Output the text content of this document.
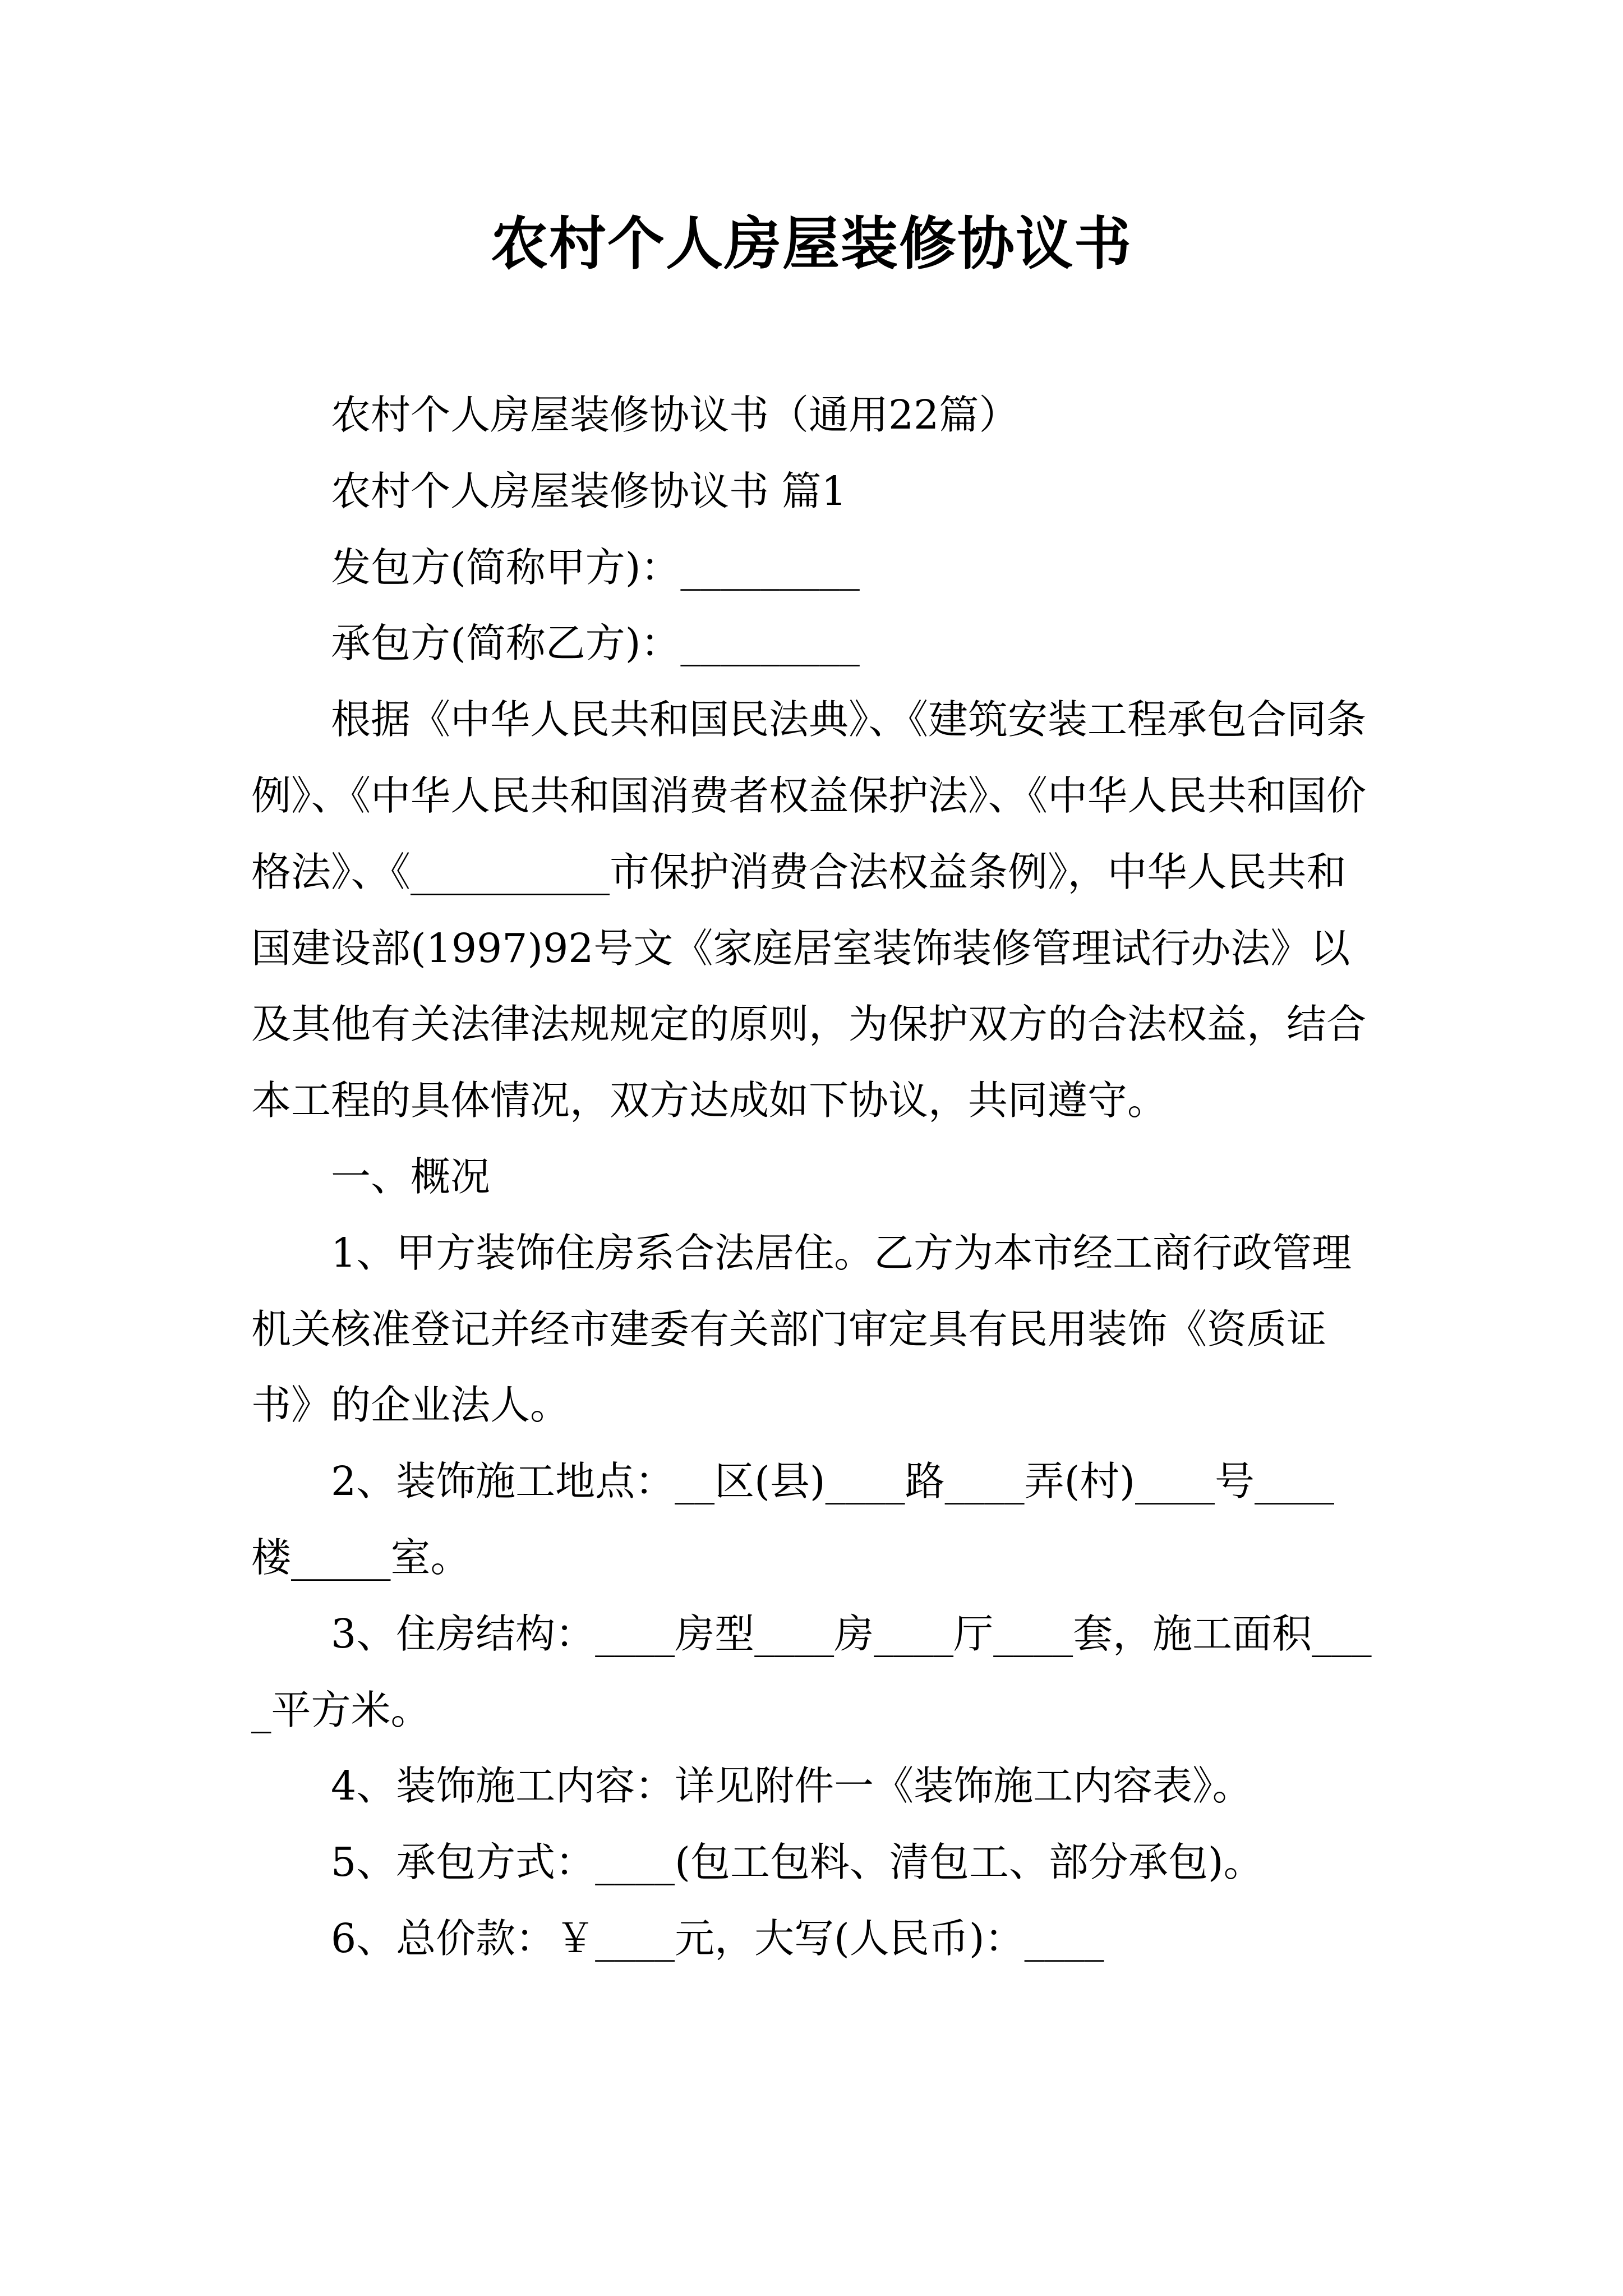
农村个人房屋装修协议书

农村个人房屋装修协议书（通用22篇）

农村个人房屋装修协议书 篇1

发包方(简称甲方)：_________

承包方(简称乙方)：_________

根据《中华人民共和国民法典》、《建筑安装工程承包合同条例》、《中华人民共和国消费者权益保护法》、《中华人民共和国价格法》、《__________市保护消费合法权益条例》，中华人民共和国建设部(1997)92号文《家庭居室装饰装修管理试行办法》以及其他有关法律法规规定的原则，为保护双方的合法权益，结合本工程的具体情况，双方达成如下协议，共同遵守。

一、概况

1、甲方装饰住房系合法居住。乙方为本市经工商行政管理机关核准登记并经市建委有关部门审定具有民用装饰《资质证书》的企业法人。

2、装饰施工地点：__区(县)____路____弄(村)____号____楼_____室。

3、住房结构：____房型____房____厅____套，施工面积____平方米。

4、装饰施工内容：详见附件一《装饰施工内容表》。

5、承包方式：____(包工包料、清包工、部分承包)。

6、总价款：￥____元，大写(人民币)：____
